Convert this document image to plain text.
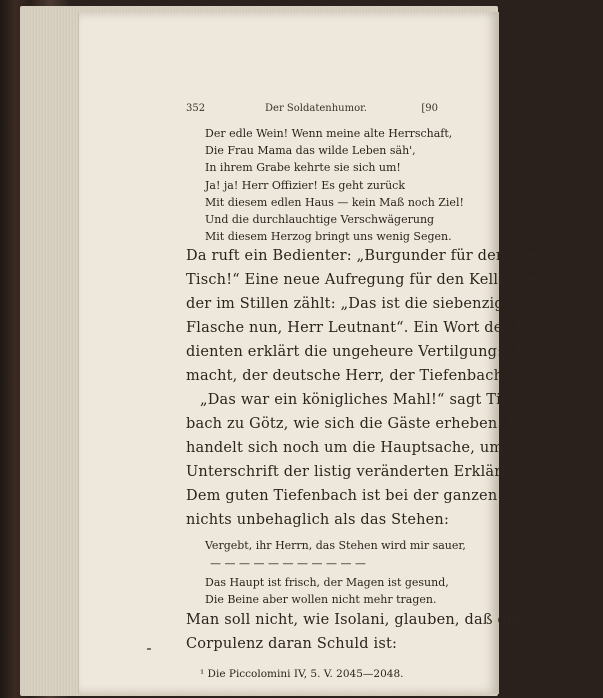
352	Der Soldatenhumor.	[90
Der edle Wein! Wenn meine alte Herrschaft,
Die Frau Mama das wilde Leben säh',
In ihrem Grabe kehrte sie sich um!
Ja! ja! Herr Offizier! Es geht zurück
Mit diesem edlen Haus — kein Maß noch Ziel!
Und die durchlauchtige Verschwägerung
Mit diesem Herzog bringt uns wenig Segen.
Da ruft ein Bedienter: „Burgunder für den vierten
Tisch!“ Eine neue Aufregung für den Kellermeister,
der im Stillen zählt: „Das ist die siebenzigste
Flasche nun, Herr Leutnant“. Ein Wort des Be=
dienten erklärt die ungeheure Vertilgung: „Das
macht, der deutsche Herr, der Tiefenbach, sitzt dran“.¹
„Das war ein königliches Mahl!“ sagt Tiefen=
bach zu Götz, wie sich die Gäste erheben. Es
handelt sich noch um die Hauptsache, um die
Unterschrift der listig veränderten Erklärung.
Dem guten Tiefenbach ist bei der ganzen Scene
nichts unbehaglich als das Stehen:
Vergebt, ihr Herrn, das Stehen wird mir sauer,
— — — — — — — — — — —
Das Haupt ist frisch, der Magen ist gesund,
Die Beine aber wollen nicht mehr tragen.
Man soll nicht, wie Isolani, glauben, daß die
Corpulenz daran Schuld ist:
¹ Die Piccolomini IV, 5. V. 2045—2048.
